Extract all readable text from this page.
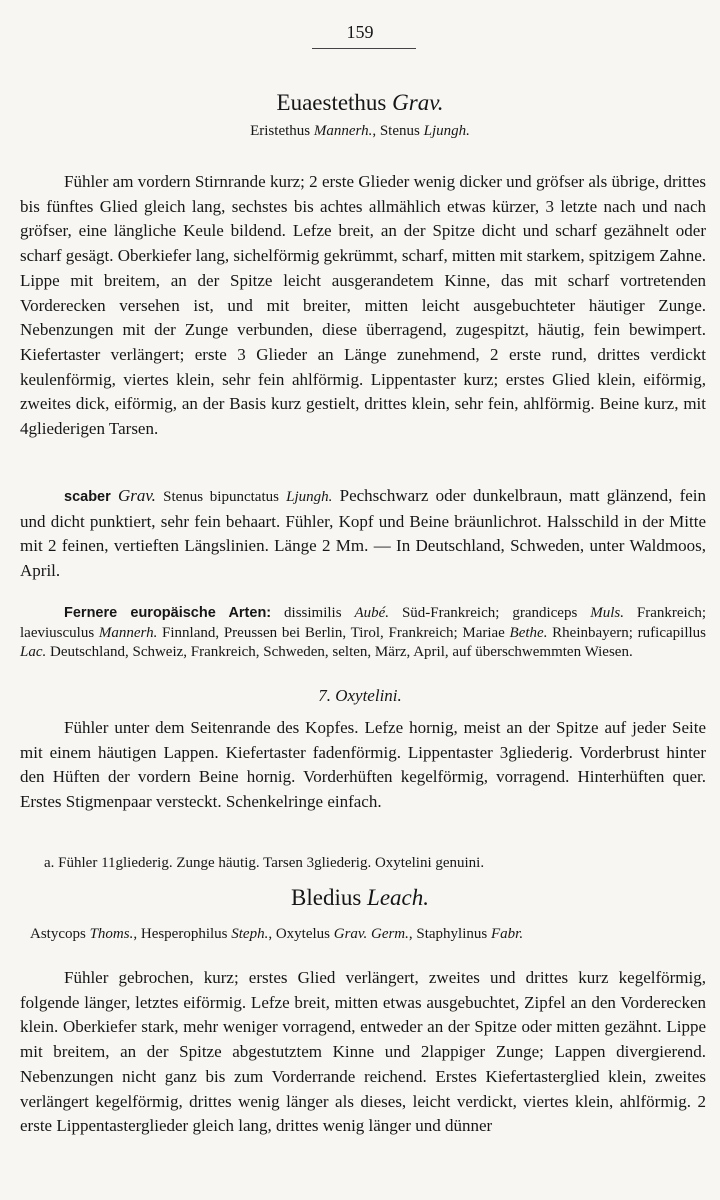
159
Euaestethus Grav.
Eristethus Mannerh., Stenus Ljungh.

Fühler am vordern Stirnrande kurz; 2 erste Glieder wenig dicker und gröfser als übrige, drittes bis fünftes Glied gleich lang, sechstes bis achtes allmählich etwas kürzer, 3 letzte nach und nach gröfser, eine längliche Keule bildend. Lefze breit, an der Spitze dicht und scharf gezähnelt oder scharf gesägt. Oberkiefer lang, sichelförmig gekrümmt, scharf, mitten mit starkem, spitzigem Zahne. Lippe mit breitem, an der Spitze leicht ausgerandetem Kinne, das mit scharf vortretenden Vorderecken versehen ist, und mit breiter, mitten leicht ausgebuchteter häutiger Zunge. Nebenzungen mit der Zunge verbunden, diese überragend, zugespitzt, häutig, fein bewimpert. Kiefertaster verlängert; erste 3 Glieder an Länge zunehmend, 2 erste rund, drittes verdickt keulenförmig, viertes klein, sehr fein ahlförmig. Lippentaster kurz; erstes Glied klein, eiförmig, zweites dick, eiförmig, an der Basis kurz gestielt, drittes klein, sehr fein, ahlförmig. Beine kurz, mit 4gliederigen Tarsen.

scaber Grav. Stenus bipunctatus Ljungh. Pechschwarz oder dunkelbraun, matt glänzend, fein und dicht punktiert, sehr fein behaart. Fühler, Kopf und Beine bräunlichrot. Halsschild in der Mitte mit 2 feinen, vertieften Längslinien. Länge 2 Mm. — In Deutschland, Schweden, unter Waldmoos, April.

Fernere europäische Arten: dissimilis Aubé. Süd-Frankreich; grandiceps Muls. Frankreich; laeviusculus Mannerh. Finnland, Preussen bei Berlin, Tirol, Frankreich; Mariae Bethe. Rheinbayern; ruficapillus Lac. Deutschland, Schweiz, Frankreich, Schweden, selten, März, April, auf überschwemmten Wiesen.

7. Oxytelini.

Fühler unter dem Seitenrande des Kopfes. Lefze hornig, meist an der Spitze auf jeder Seite mit einem häutigen Lappen. Kiefertaster fadenförmig. Lippentaster 3gliederig. Vorderbrust hinter den Hüften der vordern Beine hornig. Vorderhüften kegelförmig, vorragend. Hinterhüften quer. Erstes Stigmenpaar versteckt. Schenkelringe einfach.

a. Fühler 11gliederig. Zunge häutig. Tarsen 3gliederig. Oxytelini genuini.
Bledius Leach.
Astycops Thoms., Hesperophilus Steph., Oxytelus Grav. Germ., Staphylinus Fabr.

Fühler gebrochen, kurz; erstes Glied verlängert, zweites und drittes kurz kegelförmig, folgende länger, letztes eiförmig. Lefze breit, mitten etwas ausgebuchtet, Zipfel an den Vorderecken klein. Oberkiefer stark, mehr weniger vorragend, entweder an der Spitze oder mitten gezähnt. Lippe mit breitem, an der Spitze abgestutztem Kinne und 2lappiger Zunge; Lappen divergierend. Nebenzungen nicht ganz bis zum Vorderrande reichend. Erstes Kiefertasterglied klein, zweites verlängert kegelförmig, drittes wenig länger als dieses, leicht verdickt, viertes klein, ahlförmig. 2 erste Lippentasterglieder gleich lang, drittes wenig länger und dünner
